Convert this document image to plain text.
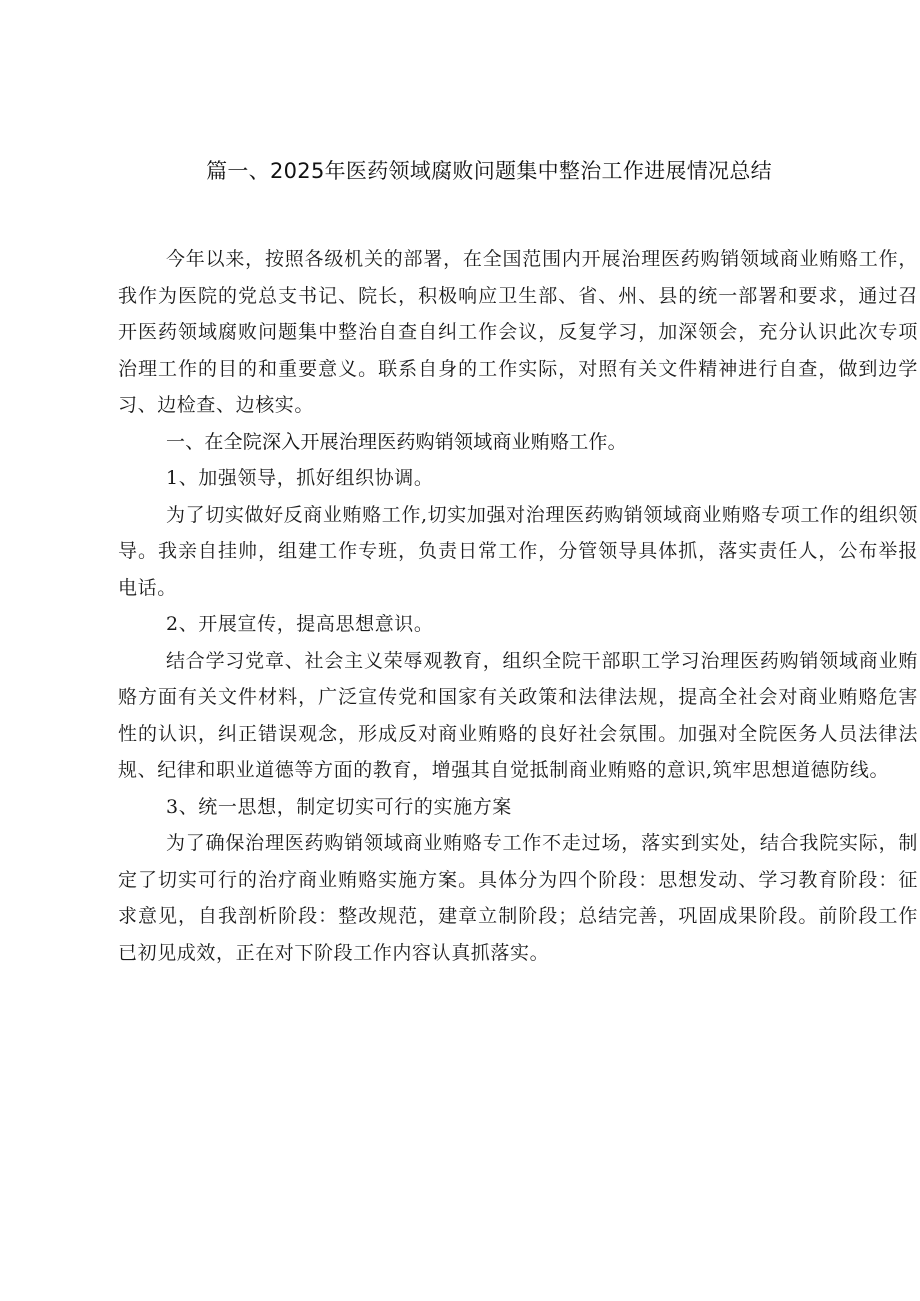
篇一、2025年医药领域腐败问题集中整治工作进展情况总结

今年以来，按照各级机关的部署，在全国范围内开展治理医药购销领域商业贿赂工作，我作为医院的党总支书记、院长，积极响应卫生部、省、州、县的统一部署和要求，通过召开医药领域腐败问题集中整治自查自纠工作会议，反复学习，加深领会，充分认识此次专项治理工作的目的和重要意义。联系自身的工作实际，对照有关文件精神进行自查，做到边学习、边检查、边核实。

一、在全院深入开展治理医药购销领域商业贿赂工作。

1、加强领导，抓好组织协调。

为了切实做好反商业贿赂工作,切实加强对治理医药购销领域商业贿赂专项工作的组织领导。我亲自挂帅，组建工作专班，负责日常工作，分管领导具体抓，落实责任人，公布举报电话。

2、开展宣传，提高思想意识。

结合学习党章、社会主义荣辱观教育，组织全院干部职工学习治理医药购销领域商业贿赂方面有关文件材料，广泛宣传党和国家有关政策和法律法规，提高全社会对商业贿赂危害性的认识，纠正错误观念，形成反对商业贿赂的良好社会氛围。加强对全院医务人员法律法规、纪律和职业道德等方面的教育，增强其自觉抵制商业贿赂的意识,筑牢思想道德防线。

3、统一思想，制定切实可行的实施方案

为了确保治理医药购销领域商业贿赂专工作不走过场，落实到实处，结合我院实际，制定了切实可行的治疗商业贿赂实施方案。具体分为四个阶段：思想发动、学习教育阶段：征求意见，自我剖析阶段：整改规范，建章立制阶段；总结完善，巩固成果阶段。前阶段工作已初见成效，正在对下阶段工作内容认真抓落实。
